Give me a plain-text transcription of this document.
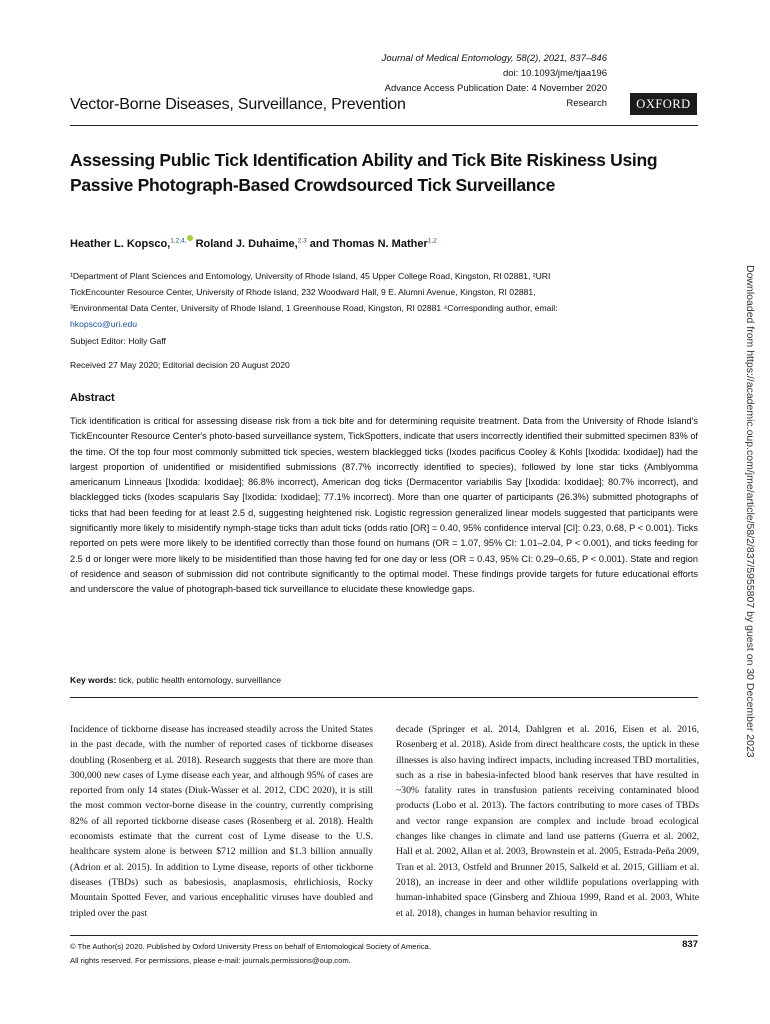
Journal of Medical Entomology, 58(2), 2021, 837–846
doi: 10.1093/jme/tjaa196
Advance Access Publication Date: 4 November 2020
Research
Vector-Borne Diseases, Surveillance, Prevention	OXFORD
Assessing Public Tick Identification Ability and Tick Bite Riskiness Using Passive Photograph-Based Crowdsourced Tick Surveillance
Heather L. Kopsco,$^{1,2,4,}$ Roland J. Duhaime,$^{2,3}$ and Thomas N. Mather$^{1,2}$
¹Department of Plant Sciences and Entomology, University of Rhode Island, 45 Upper College Road, Kingston, RI 02881, ²URI
TickEncounter Resource Center, University of Rhode Island, 232 Woodward Hall, 9 E. Alumni Avenue, Kingston, RI 02881,
³Environmental Data Center, University of Rhode Island, 1 Greenhouse Road, Kingston, RI 02881 ⁴Corresponding author, email:
hkopsco@uri.edu
Subject Editor: Holly Gaff
Received 27 May 2020; Editorial decision 20 August 2020
Abstract
Tick identification is critical for assessing disease risk from a tick bite and for determining requisite treatment. Data from the University of Rhode Island's TickEncounter Resource Center's photo-based surveillance system, TickSpotters, indicate that users incorrectly identified their submitted specimen 83% of the time. Of the top four most commonly submitted tick species, western blacklegged ticks (Ixodes pacificus Cooley & Kohls [Ixodida: Ixodidae]) had the largest proportion of unidentified or misidentified submissions (87.7% incorrectly identified to species), followed by lone star ticks (Amblyomma americanum Linneaus [Ixodida: Ixodidae]; 86.8% incorrect), American dog ticks (Dermacentor variabilis Say [Ixodida: Ixodidae]; 80.7% incorrect), and blacklegged ticks (Ixodes scapularis Say [Ixodida: Ixodidae]; 77.1% incorrect). More than one quarter of participants (26.3%) submitted photographs of ticks that had been feeding for at least 2.5 d, suggesting heightened risk. Logistic regression generalized linear models suggested that participants were significantly more likely to misidentify nymph-stage ticks than adult ticks (odds ratio [OR] = 0.40, 95% confidence interval [CI]: 0.23, 0.68, P < 0.001). Ticks reported on pets were more likely to be identified correctly than those found on humans (OR = 1.07, 95% CI: 1.01–2.04, P < 0.001), and ticks feeding for 2.5 d or longer were more likely to be misidentified than those having fed for one day or less (OR = 0.43, 95% CI: 0.29–0.65, P < 0.001). State and region of residence and season of submission did not contribute significantly to the optimal model. These findings provide targets for future educational efforts and underscore the value of photograph-based tick surveillance to elucidate these knowledge gaps.
Key words: tick, public health entomology, surveillance

Incidence of tickborne disease has increased steadily across the United States in the past decade, with the number of reported cases of tickborne diseases doubling (Rosenberg et al. 2018). Research suggests that there are more than 300,000 new cases of Lyme disease each year, and although 95% of cases are reported from only 14 states (Diuk-Wasser et al. 2012, CDC 2020), it is still the most common vector-borne disease in the country, currently comprising 82% of all reported tickborne disease cases (Rosenberg et al. 2018). Health economists estimate that the current cost of Lyme disease to the U.S. healthcare system alone is between $712 million and $1.3 billion annually (Adrion et al. 2015). In addition to Lyme disease, reports of other tickborne diseases (TBDs) such as babesiosis, anaplasmosis, ehrlichiosis, Rocky Mountain Spotted Fever, and various encephalitic viruses have doubled and tripled over the past

decade (Springer et al. 2014, Dahlgren et al. 2016, Eisen et al. 2016, Rosenberg et al. 2018). Aside from direct healthcare costs, the uptick in these illnesses is also having indirect impacts, including increased TBD mortalities, such as a rise in babesia-infected blood bank reserves that have resulted in ~30% fatality rates in transfusion patients receiving contaminated blood products (Lobo et al. 2013). The factors contributing to more cases of TBDs and vector range expansion are complex and include broad ecological changes like changes in climate and land use patterns (Guerra et al. 2002, Hall et al. 2002, Allan et al. 2003, Brownstein et al. 2005, Estrada-Peña 2009, Tran et al. 2013, Ostfeld and Brunner 2015, Salkeld et al. 2015, Gilliam et al. 2018), an increase in deer and other wildlife populations overlapping with human-inhabited space (Ginsberg and Zhioua 1999, Rand et al. 2003, White et al. 2018), changes in human behavior resulting in

© The Author(s) 2020. Published by Oxford University Press on behalf of Entomological Society of America.
All rights reserved. For permissions, please e-mail: journals.permissions@oup.com.
837
Downloaded from https://academic.oup.com/jme/article/58/2/837/5955807 by guest on 30 December 2023
